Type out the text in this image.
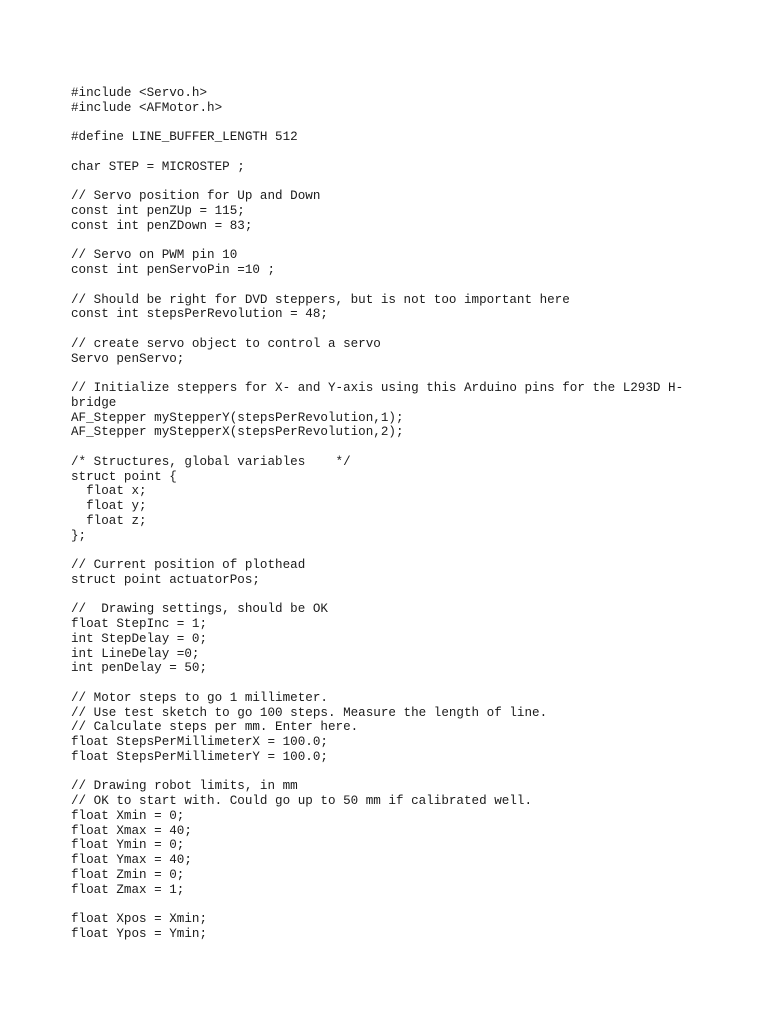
#include <Servo.h>
#include <AFMotor.h>
#define LINE_BUFFER_LENGTH 512
char STEP = MICROSTEP ;
// Servo position for Up and Down
const int penZUp = 115;
const int penZDown = 83;
// Servo on PWM pin 10
const int penServoPin =10 ;
// Should be right for DVD steppers, but is not too important here
const int stepsPerRevolution = 48;
// create servo object to control a servo
Servo penServo;
// Initialize steppers for X- and Y-axis using this Arduino pins for the L293D H-
bridge
AF_Stepper myStepperY(stepsPerRevolution,1);
AF_Stepper myStepperX(stepsPerRevolution,2);
/* Structures, global variables    */
struct point {
float x;
float y;
float z;
};
// Current position of plothead
struct point actuatorPos;
//  Drawing settings, should be OK
float StepInc = 1;
int StepDelay = 0;
int LineDelay =0;
int penDelay = 50;
// Motor steps to go 1 millimeter.
// Use test sketch to go 100 steps. Measure the length of line.
// Calculate steps per mm. Enter here.
float StepsPerMillimeterX = 100.0;
float StepsPerMillimeterY = 100.0;
// Drawing robot limits, in mm
// OK to start with. Could go up to 50 mm if calibrated well.
float Xmin = 0;
float Xmax = 40;
float Ymin = 0;
float Ymax = 40;
float Zmin = 0;
float Zmax = 1;
float Xpos = Xmin;
float Ypos = Ymin;
